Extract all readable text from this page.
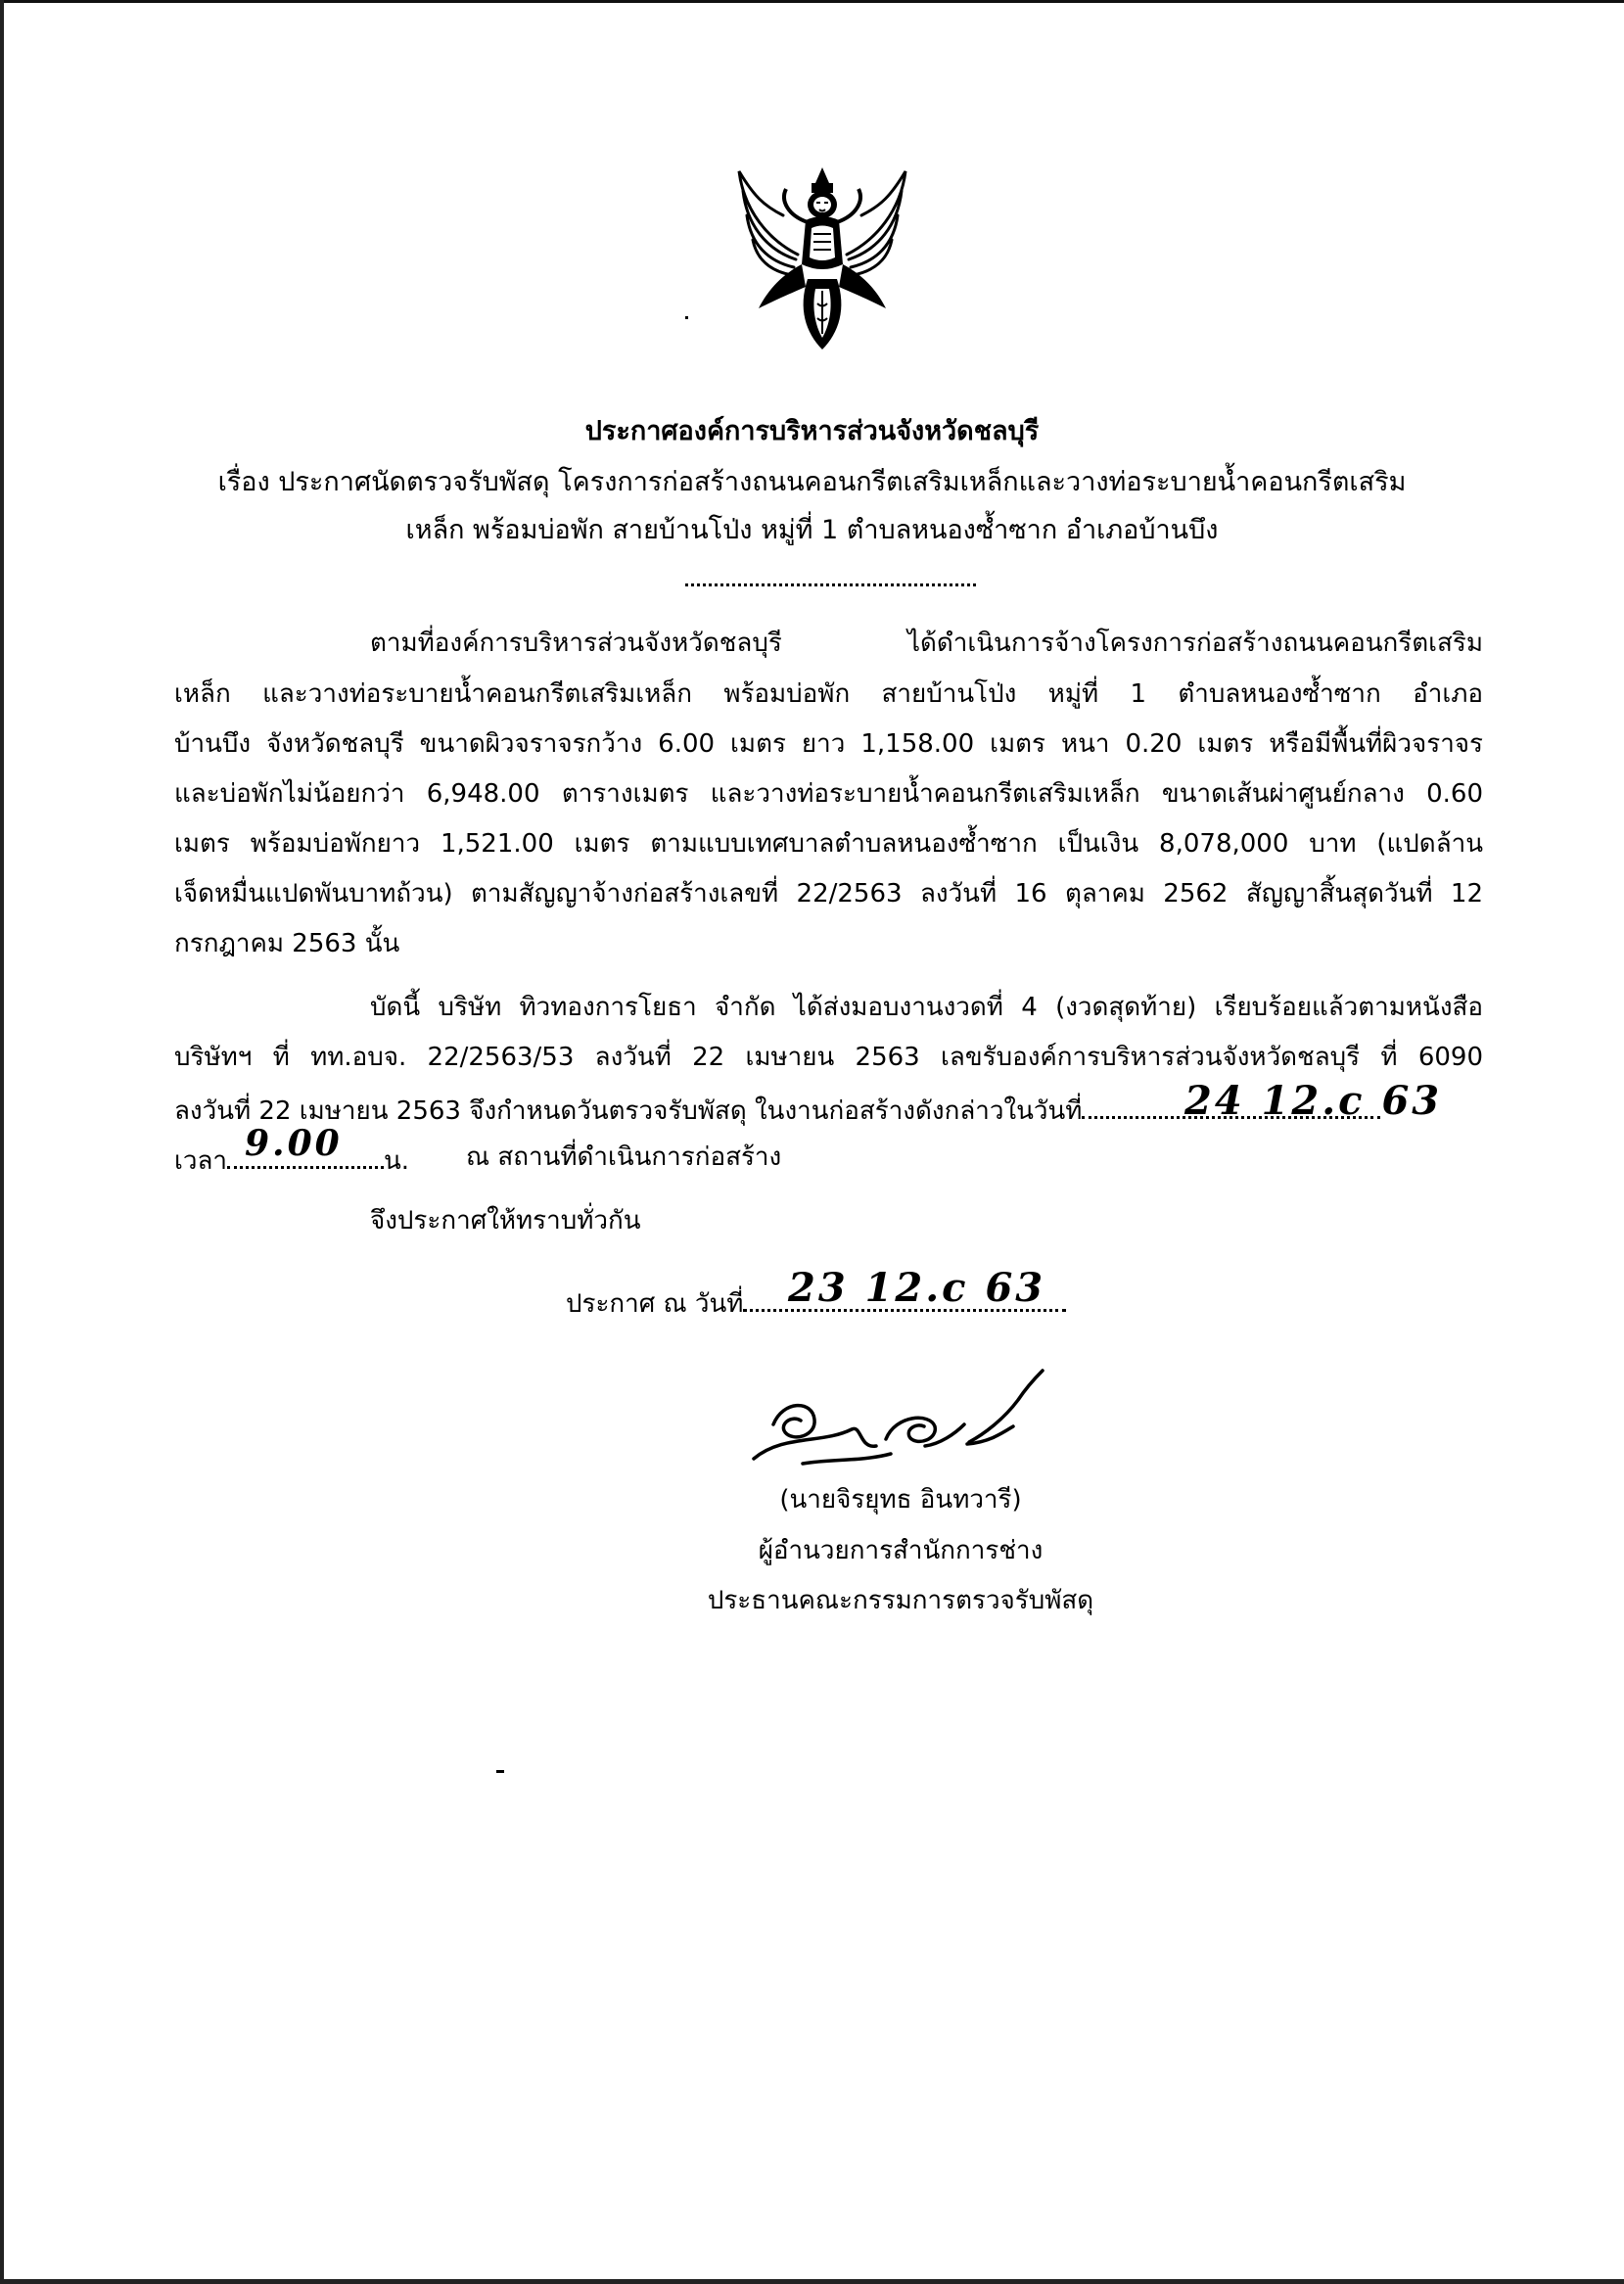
ประกาศองค์การบริหารส่วนจังหวัดชลบุรี
เรื่อง ประกาศนัดตรวจรับพัสดุ โครงการก่อสร้างถนนคอนกรีตเสริมเหล็กและวางท่อระบายน้ำคอนกรีตเสริม
เหล็ก พร้อมบ่อพัก สายบ้านโป่ง หมู่ที่ 1 ตำบลหนองซ้ำซาก อำเภอบ้านบึง
ตามที่องค์การบริหารส่วนจังหวัดชลบุรี ได้ดำเนินการจ้างโครงการก่อสร้างถนนคอนกรีตเสริม
เหล็ก และวางท่อระบายน้ำคอนกรีตเสริมเหล็ก พร้อมบ่อพัก สายบ้านโป่ง หมู่ที่ 1 ตำบลหนองซ้ำซาก อำเภอ
บ้านบึง จังหวัดชลบุรี ขนาดผิวจราจรกว้าง 6.00 เมตร ยาว 1,158.00 เมตร หนา 0.20 เมตร หรือมีพื้นที่ผิวจราจร
และบ่อพักไม่น้อยกว่า 6,948.00 ตารางเมตร และวางท่อระบายน้ำคอนกรีตเสริมเหล็ก ขนาดเส้นผ่าศูนย์กลาง 0.60
เมตร พร้อมบ่อพักยาว 1,521.00 เมตร ตามแบบเทศบาลตำบลหนองซ้ำซาก เป็นเงิน 8,078,000 บาท (แปดล้าน
เจ็ดหมื่นแปดพันบาทถ้วน) ตามสัญญาจ้างก่อสร้างเลขที่ 22/2563 ลงวันที่ 16 ตุลาคม 2562 สัญญาสิ้นสุดวันที่ 12
กรกฎาคม 2563 นั้น
บัดนี้ บริษัท ทิวทองการโยธา จำกัด ได้ส่งมอบงานงวดที่ 4 (งวดสุดท้าย) เรียบร้อยแล้วตามหนังสือ
บริษัทฯ ที่ ทท.อบจ. 22/2563/53 ลงวันที่ 22 เมษายน 2563 เลขรับองค์การบริหารส่วนจังหวัดชลบุรี ที่ 6090
ลงวันที่ 22 เมษายน 2563 จึงกำหนดวันตรวจรับพัสดุ ในงานก่อสร้างดังกล่าวในวันที่	24 12.c 63
เวลา	น.
9.00	ณ สถานที่ดำเนินการก่อสร้าง
จึงประกาศให้ทราบทั่วกัน
ประกาศ ณ วันที่	23 12.c 63
(นายจิรยุทธ อินทวารี)
ผู้อำนวยการสำนักการช่าง
ประธานคณะกรรมการตรวจรับพัสดุ
